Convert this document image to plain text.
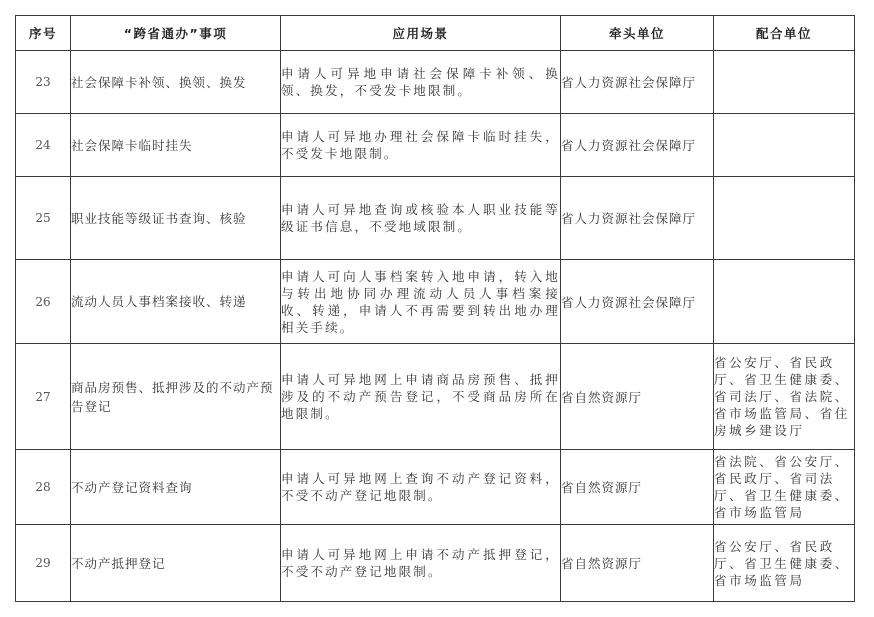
序号	“跨省通办”事项	应用场景	牵头单位	配合单位
23	社会保障卡补领、换领、换发	申请人可异地申请社会保障卡补领、换领、换发，不受发卡地限制。	省人力资源社会保障厅	
24	社会保障卡临时挂失	申请人可异地办理社会保障卡临时挂失，不受发卡地限制。	省人力资源社会保障厅	
25	职业技能等级证书查询、核验	申请人可异地查询或核验本人职业技能等级证书信息，不受地域限制。	省人力资源社会保障厅	
26	流动人员人事档案接收、转递	申请人可向人事档案转入地申请，转入地与转出地协同办理流动人员人事档案接收、转递，申请人不再需要到转出地办理相关手续。	省人力资源社会保障厅	
27	商品房预售、抵押涉及的不动产预告登记	申请人可异地网上申请商品房预售、抵押涉及的不动产预告登记，不受商品房所在地限制。	省自然资源厅	省公安厅、省民政厅、省卫生健康委、省司法厅、省法院、省市场监管局、省住房城乡建设厅
28	不动产登记资料查询	申请人可异地网上查询不动产登记资料，不受不动产登记地限制。	省自然资源厅	省法院、省公安厅、省民政厅、省司法厅、省卫生健康委、省市场监管局
29	不动产抵押登记	申请人可异地网上申请不动产抵押登记，不受不动产登记地限制。	省自然资源厅	省公安厅、省民政厅、省卫生健康委、省市场监管局
